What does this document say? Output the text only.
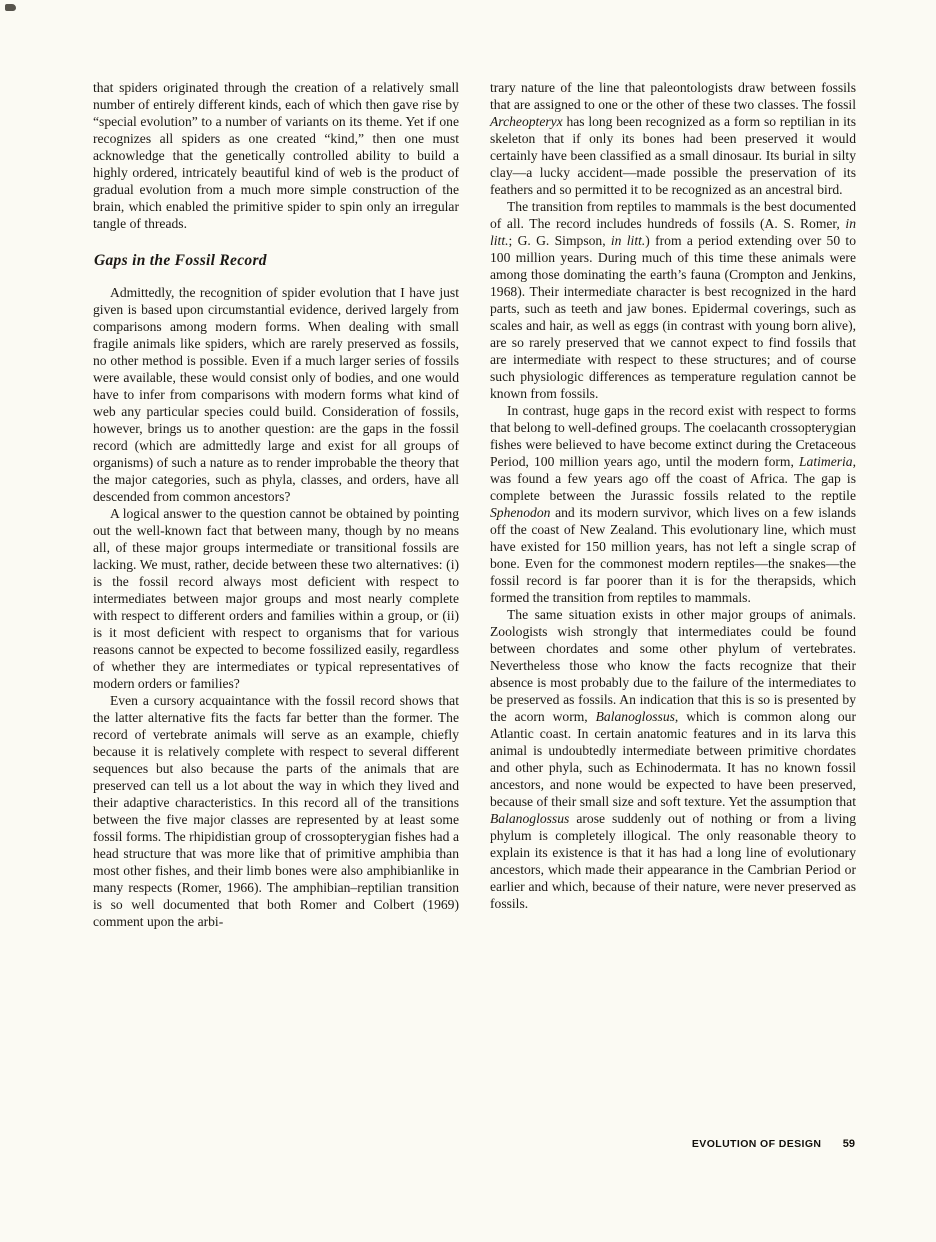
that spiders originated through the creation of a relatively small number of entirely different kinds, each of which then gave rise by “special evolution” to a number of variants on its theme. Yet if one recognizes all spiders as one created “kind,” then one must acknowledge that the genetically controlled ability to build a highly ordered, intricately beautiful kind of web is the product of gradual evolution from a much more simple construction of the brain, which enabled the primitive spider to spin only an irregular tangle of threads.

Gaps in the Fossil Record

Admittedly, the recognition of spider evolution that I have just given is based upon circumstantial evidence, derived largely from comparisons among modern forms. When dealing with small fragile animals like spiders, which are rarely preserved as fossils, no other method is possible. Even if a much larger series of fossils were available, these would consist only of bodies, and one would have to infer from comparisons with modern forms what kind of web any particular species could build. Consideration of fossils, however, brings us to another question: are the gaps in the fossil record (which are admittedly large and exist for all groups of organisms) of such a nature as to render improbable the theory that the major categories, such as phyla, classes, and orders, have all descended from common ancestors?

A logical answer to the question cannot be obtained by pointing out the well-known fact that between many, though by no means all, of these major groups intermediate or transitional fossils are lacking. We must, rather, decide between these two alternatives: (i) is the fossil record always most deficient with respect to intermediates between major groups and most nearly complete with respect to different orders and families within a group, or (ii) is it most deficient with respect to organisms that for various reasons cannot be expected to become fossilized easily, regardless of whether they are intermediates or typical representatives of modern orders or families?

Even a cursory acquaintance with the fossil record shows that the latter alternative fits the facts far better than the former. The record of vertebrate animals will serve as an example, chiefly because it is relatively complete with respect to several different sequences but also because the parts of the animals that are preserved can tell us a lot about the way in which they lived and their adaptive characteristics. In this record all of the transitions between the five major classes are represented by at least some fossil forms. The rhipidistian group of crossopterygian fishes had a head structure that was more like that of primitive amphibia than most other fishes, and their limb bones were also amphibianlike in many respects (Romer, 1966). The amphibian–reptilian transition is so well documented that both Romer and Colbert (1969) comment upon the arbi-

trary nature of the line that paleontologists draw between fossils that are assigned to one or the other of these two classes. The fossil Archeopteryx has long been recognized as a form so reptilian in its skeleton that if only its bones had been preserved it would certainly have been classified as a small dinosaur. Its burial in silty clay—a lucky accident—made possible the preservation of its feathers and so permitted it to be recognized as an ancestral bird.

The transition from reptiles to mammals is the best documented of all. The record includes hundreds of fossils (A. S. Romer, in litt.; G. G. Simpson, in litt.) from a period extending over 50 to 100 million years. During much of this time these animals were among those dominating the earth’s fauna (Crompton and Jenkins, 1968). Their intermediate character is best recognized in the hard parts, such as teeth and jaw bones. Epidermal coverings, such as scales and hair, as well as eggs (in contrast with young born alive), are so rarely preserved that we cannot expect to find fossils that are intermediate with respect to these structures; and of course such physiologic differences as temperature regulation cannot be known from fossils.

In contrast, huge gaps in the record exist with respect to forms that belong to well-defined groups. The coelacanth crossopterygian fishes were believed to have become extinct during the Cretaceous Period, 100 million years ago, until the modern form, Latimeria, was found a few years ago off the coast of Africa. The gap is complete between the Jurassic fossils related to the reptile Sphenodon and its modern survivor, which lives on a few islands off the coast of New Zealand. This evolutionary line, which must have existed for 150 million years, has not left a single scrap of bone. Even for the commonest modern reptiles—the snakes—the fossil record is far poorer than it is for the therapsids, which formed the transition from reptiles to mammals.

The same situation exists in other major groups of animals. Zoologists wish strongly that intermediates could be found between chordates and some other phylum of vertebrates. Nevertheless those who know the facts recognize that their absence is most probably due to the failure of the intermediates to be preserved as fossils. An indication that this is so is presented by the acorn worm, Balanoglossus, which is common along our Atlantic coast. In certain anatomic features and in its larva this animal is undoubtedly intermediate between primitive chordates and other phyla, such as Echinodermata. It has no known fossil ancestors, and none would be expected to have been preserved, because of their small size and soft texture. Yet the assumption that Balanoglossus arose suddenly out of nothing or from a living phylum is completely illogical. The only reasonable theory to explain its existence is that it has had a long line of evolutionary ancestors, which made their appearance in the Cambrian Period or earlier and which, because of their nature, were never preserved as fossils.

EVOLUTION OF DESIGN 59
